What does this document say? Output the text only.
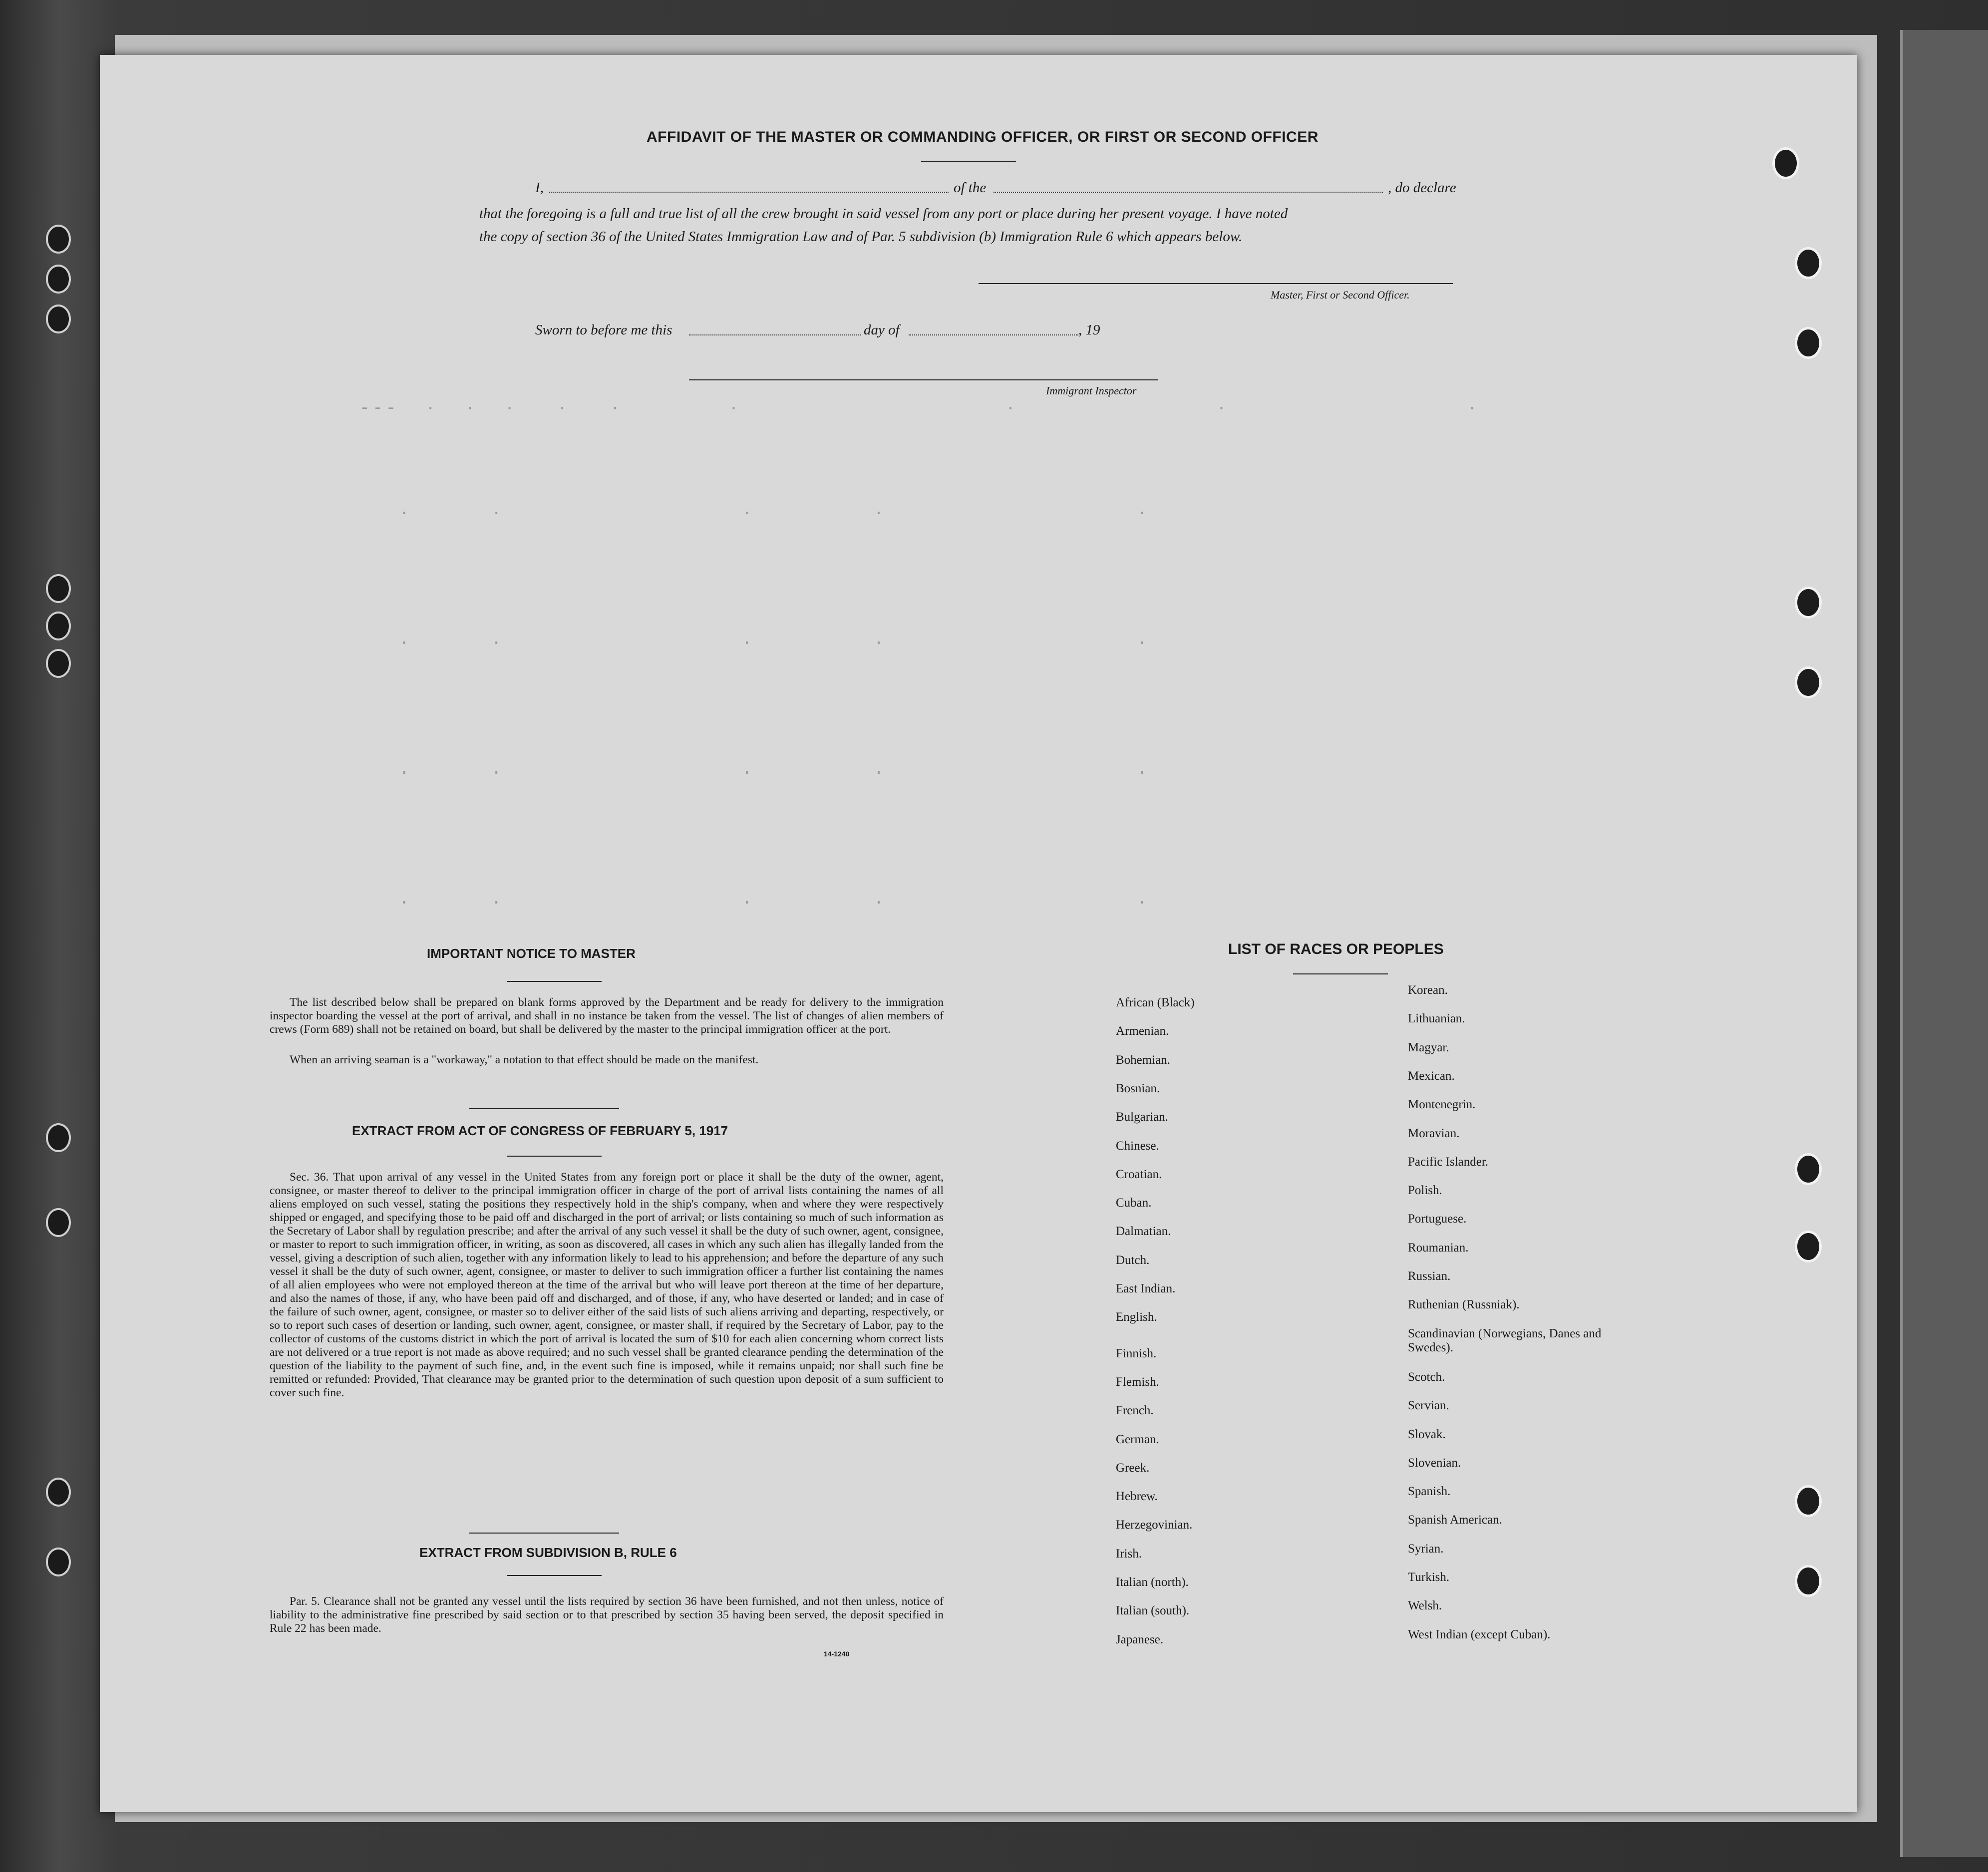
---  ·  ·  ·   ·   ·        ·                    ·               ·                  ·
·      ·                  ·         ·                   ·
·      ·                  ·         ·                   ·
·      ·                  ·         ·                   ·
·      ·                  ·         ·                   ·
AFFIDAVIT OF THE MASTER OR COMMANDING OFFICER, OR FIRST OR SECOND OFFICER
I,	of the	, do declare
that the foregoing is a full and true list of all the crew brought in said vessel from any port or place during her present voyage. I have noted
the copy of section 36 of the United States Immigration Law and of Par. 5 subdivision (b) Immigration Rule 6 which appears below.
Master, First or Second Officer.
Sworn to before me this	day of	, 19
Immigrant Inspector
IMPORTANT NOTICE TO MASTER
The list described below shall be prepared on blank forms approved by the Department and be ready for delivery to the immigration inspector boarding the vessel at the port of arrival, and shall in no instance be taken from the vessel. The list of changes of alien members of crews (Form 689) shall not be retained on board, but shall be delivered by the master to the principal immigration officer at the port.
When an arriving seaman is a "workaway," a notation to that effect should be made on the manifest.
EXTRACT FROM ACT OF CONGRESS OF FEBRUARY 5, 1917
Sec. 36. That upon arrival of any vessel in the United States from any foreign port or place it shall be the duty of the owner, agent, consignee, or master thereof to deliver to the principal immigration officer in charge of the port of arrival lists containing the names of all aliens employed on such vessel, stating the positions they respectively hold in the ship's company, when and where they were respectively shipped or engaged, and specifying those to be paid off and discharged in the port of arrival; or lists containing so much of such information as the Secretary of Labor shall by regulation prescribe; and after the arrival of any such vessel it shall be the duty of such owner, agent, consignee, or master to report to such immigration officer, in writing, as soon as discovered, all cases in which any such alien has illegally landed from the vessel, giving a description of such alien, together with any information likely to lead to his apprehension; and before the departure of any such vessel it shall be the duty of such owner, agent, consignee, or master to deliver to such immigration officer a further list containing the names of all alien employees who were not employed thereon at the time of the arrival but who will leave port thereon at the time of her departure, and also the names of those, if any, who have been paid off and discharged, and of those, if any, who have deserted or landed; and in case of the failure of such owner, agent, consignee, or master so to deliver either of the said lists of such aliens arriving and departing, respectively, or so to report such cases of desertion or landing, such owner, agent, consignee, or master shall, if required by the Secretary of Labor, pay to the collector of customs of the customs district in which the port of arrival is located the sum of $10 for each alien concerning whom correct lists are not delivered or a true report is not made as above required; and no such vessel shall be granted clearance pending the determination of the question of the liability to the payment of such fine, and, in the event such fine is imposed, while it remains unpaid; nor shall such fine be remitted or refunded: Provided, That clearance may be granted prior to the determination of such question upon deposit of a sum sufficient to cover such fine.
EXTRACT FROM SUBDIVISION B, RULE 6
Par. 5. Clearance shall not be granted any vessel until the lists required by section 36 have been furnished, and not then unless, notice of liability to the administrative fine prescribed by said section or to that prescribed by section 35 having been served, the deposit specified in Rule 22 has been made.
14-1240
LIST OF RACES OR PEOPLES
African (Black)
Armenian.
Bohemian.
Bosnian.
Bulgarian.
Chinese.
Croatian.
Cuban.
Dalmatian.
Dutch.
East Indian.
English.
Finnish.
Flemish.
French.
German.
Greek.
Hebrew.
Herzegovinian.
Irish.
Italian (north).
Italian (south).
Japanese.
Korean.
Lithuanian.
Magyar.
Mexican.
Montenegrin.
Moravian.
Pacific Islander.
Polish.
Portuguese.
Roumanian.
Russian.
Ruthenian (Russniak).
Scandinavian (Norwegians, Danes and Swedes).
Scotch.
Servian.
Slovak.
Slovenian.
Spanish.
Spanish American.
Syrian.
Turkish.
Welsh.
West Indian (except Cuban).
